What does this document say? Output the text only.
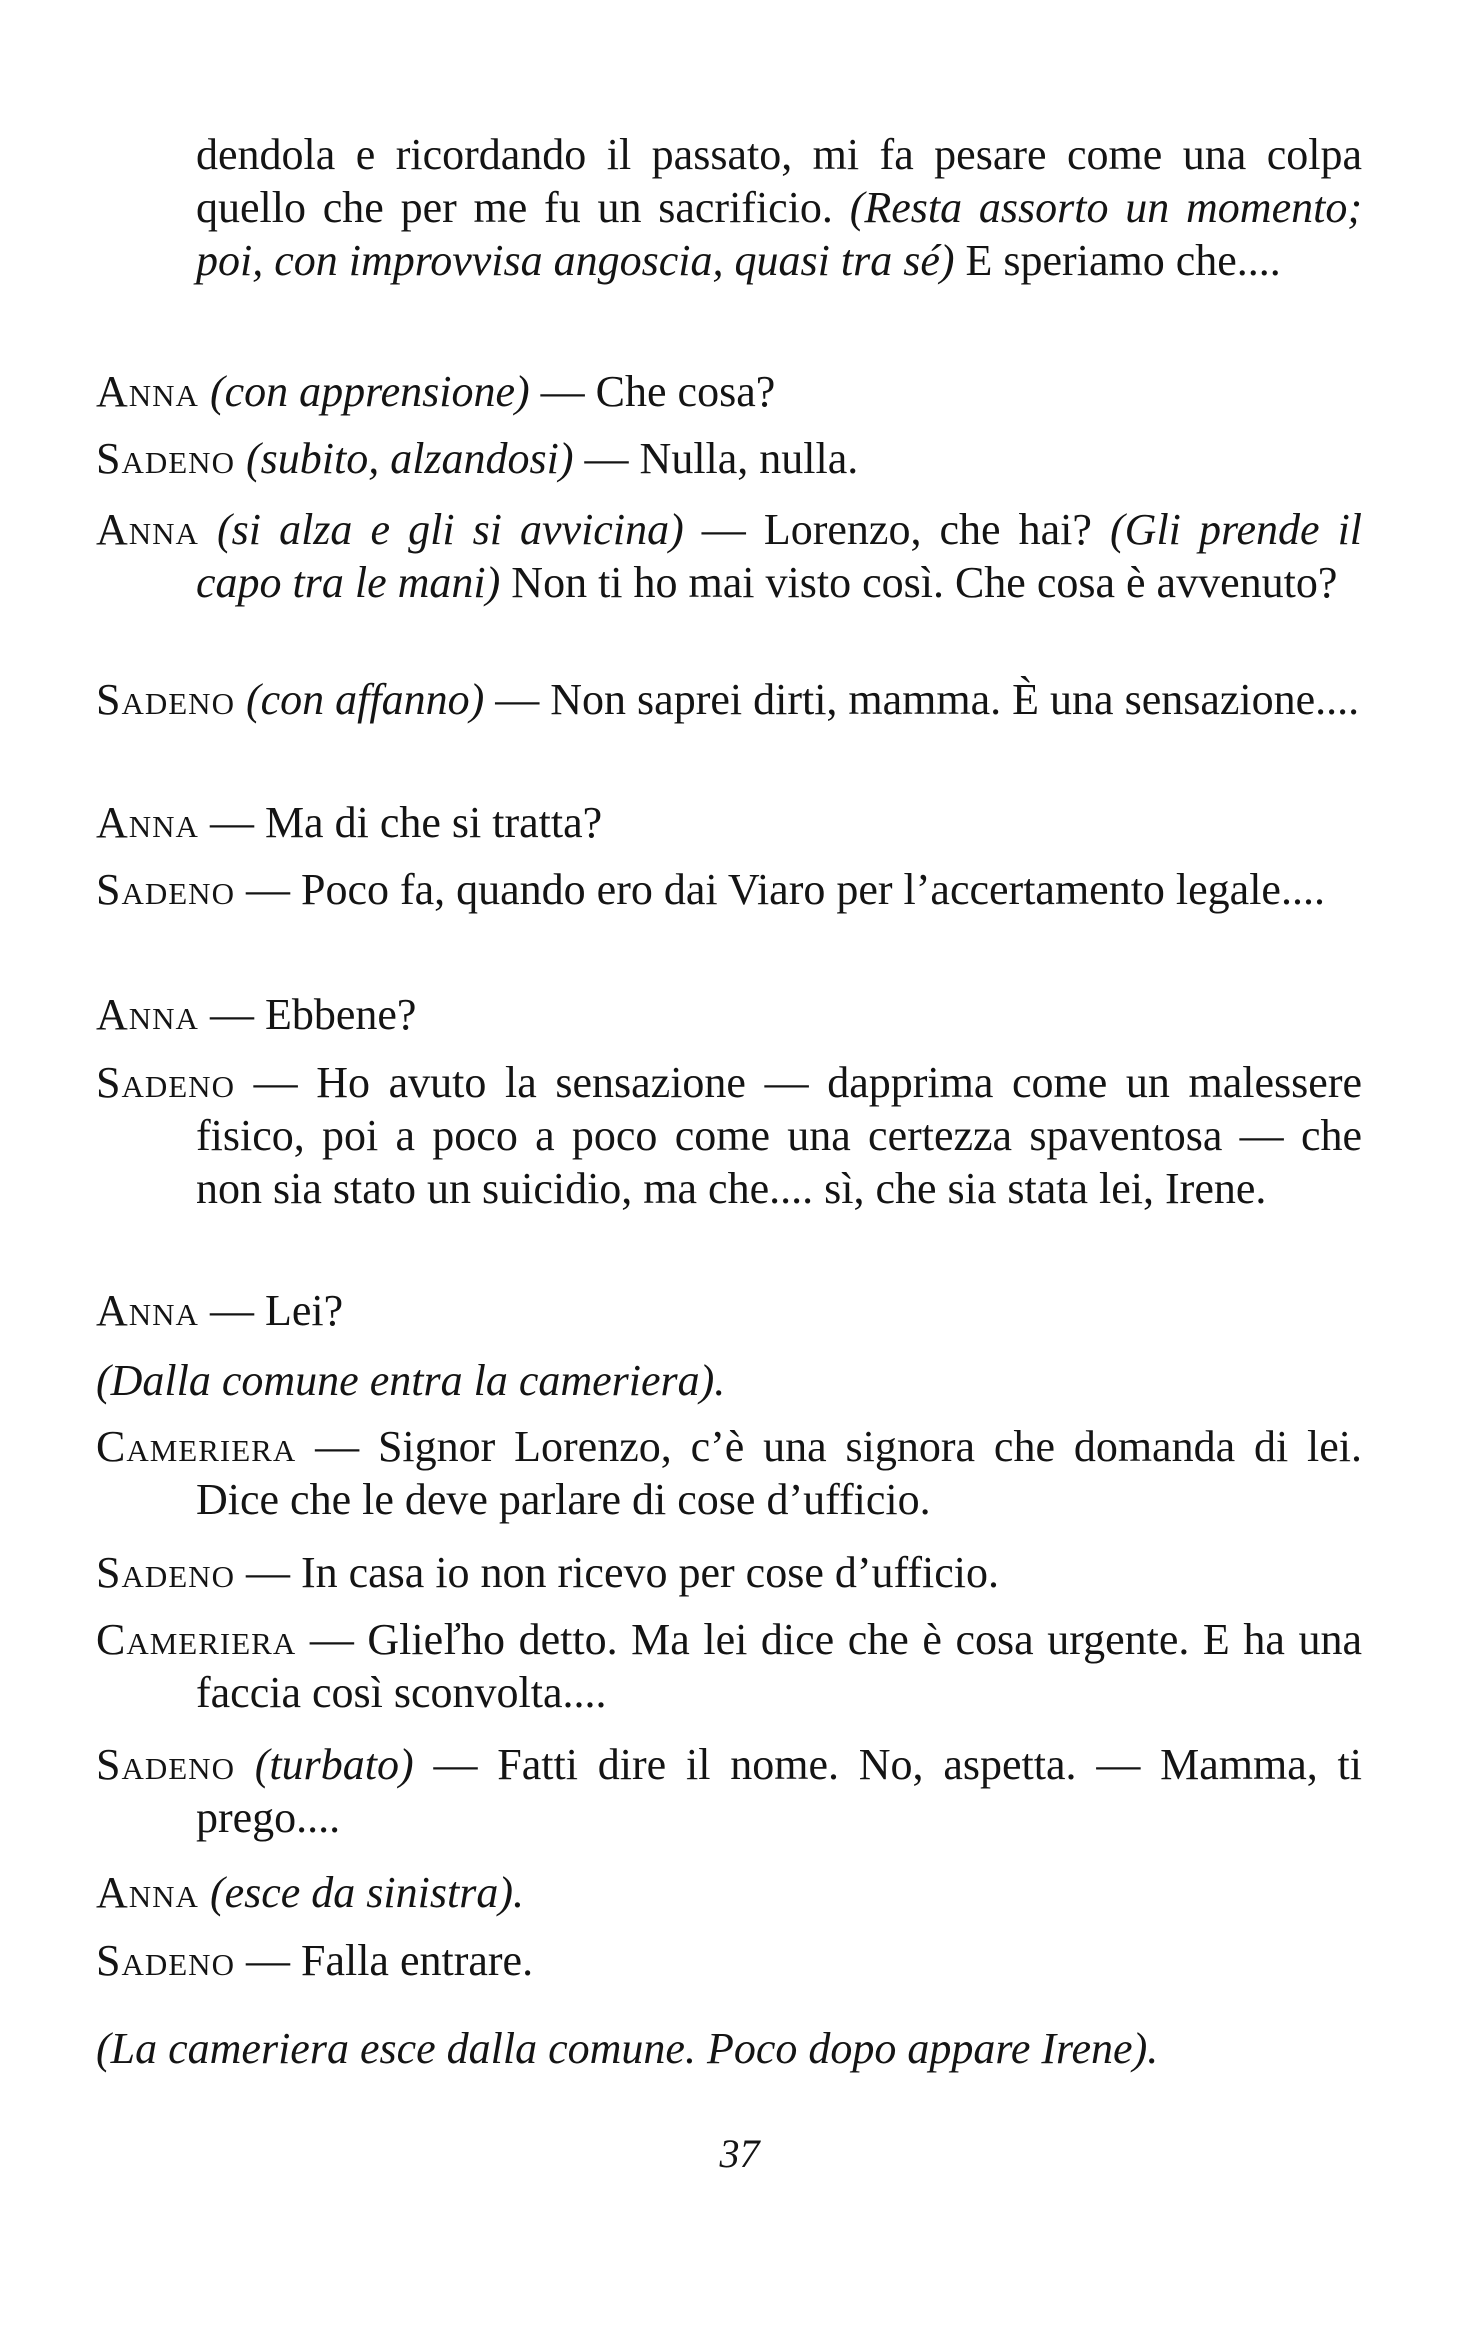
dendola e ricordando il passato, mi fa pesare come una colpa quello che per me fu un sacrificio. (Resta assorto un momento; poi, con improvvisa angoscia, quasi tra sé) E speriamo che....

Anna (con apprensione) — Che cosa?

Sadeno (subito, alzandosi) — Nulla, nulla.

Anna (si alza e gli si avvicina) — Lorenzo, che hai? (Gli prende il capo tra le mani) Non ti ho mai visto così. Che cosa è avvenuto?

Sadeno (con affanno) — Non saprei dirti, mamma. È una sensazione....

Anna — Ma di che si tratta?

Sadeno — Poco fa, quando ero dai Viaro per l’accertamento legale....

Anna — Ebbene?

Sadeno — Ho avuto la sensazione — dapprima come un malessere fisico, poi a poco a poco come una certezza spaventosa — che non sia stato un suicidio, ma che.... sì, che sia stata lei, Irene.

Anna — Lei?

(Dalla comune entra la cameriera).

Cameriera — Signor Lorenzo, c’è una signora che domanda di lei. Dice che le deve parlare di cose d’ufficio.

Sadeno — In casa io non ricevo per cose d’ufficio.

Cameriera — Glieľho detto. Ma lei dice che è cosa urgente. E ha una faccia così sconvolta....

Sadeno (turbato) — Fatti dire il nome. No, aspetta. — Mamma, ti prego....

Anna (esce da sinistra).

Sadeno — Falla entrare.

(La cameriera esce dalla comune. Poco dopo appare Irene).

37
